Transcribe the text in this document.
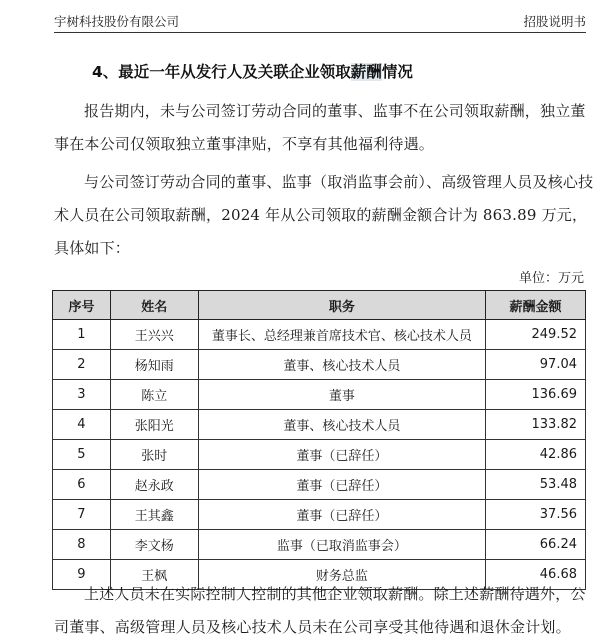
宇树科技股份有限公司	招股说明书
4、最近一年从发行人及关联企业领取薪酬情况
报告期内，未与公司签订劳动合同的董事、监事不在公司领取薪酬，独立董事在本公司仅领取独立董事津贴，不享有其他福利待遇。
与公司签订劳动合同的董事、监事（取消监事会前）、高级管理人员及核心技术人员在公司领取薪酬，2024 年从公司领取的薪酬金额合计为 863.89 万元，具体如下：
单位：万元
序号	姓名	职务	薪酬金额
1	王兴兴	董事长、总经理兼首席技术官、核心技术人员	249.52
2	杨知雨	董事、核心技术人员	97.04
3	陈立	董事	136.69
4	张阳光	董事、核心技术人员	133.82
5	张时	董事（已辞任）	42.86
6	赵永政	董事（已辞任）	53.48
7	王其鑫	董事（已辞任）	37.56
8	李文杨	监事（已取消监事会）	66.24
9	王枫	财务总监	46.68
上述人员未在实际控制人控制的其他企业领取薪酬。除上述薪酬待遇外，公司董事、高级管理人员及核心技术人员未在公司享受其他待遇和退休金计划。
